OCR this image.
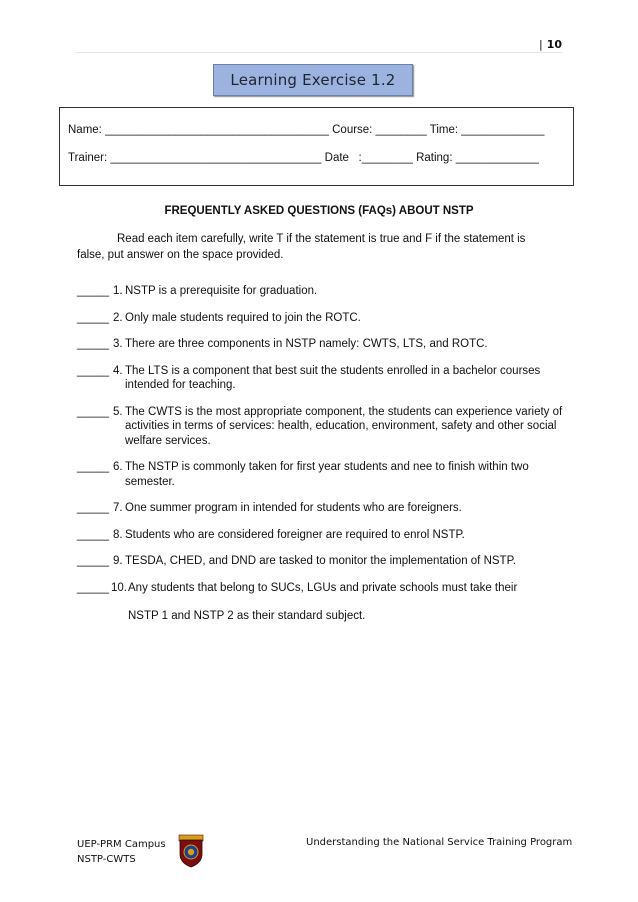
| 10
Learning Exercise 1.2
Name: ___________________________________ Course: ________ Time: _____________
Trainer: _________________________________ Date   :________ Rating: _____________
FREQUENTLY ASKED QUESTIONS (FAQs) ABOUT NSTP
Read each item carefully, write T if the statement is true and F if the statement is false, put answer on the space provided.
_____ 1. NSTP is a prerequisite for graduation.
_____ 2. Only male students required to join the ROTC.
_____ 3. There are three components in NSTP namely: CWTS, LTS, and ROTC.
_____ 4. The LTS is a component that best suit the students enrolled in a bachelor courses intended for teaching.
_____ 5. The CWTS is the most appropriate component, the students can experience variety of activities in terms of services: health, education, environment, safety and other social welfare services.
_____ 6. The NSTP is commonly taken for first year students and nee to finish within two semester.
_____ 7. One summer program in intended for students who are foreigners.
_____ 8. Students who are considered foreigner are required to enrol NSTP.
_____ 9. TESDA, CHED, and DND are tasked to monitor the implementation of NSTP.
_____ 10. Any students that belong to SUCs, LGUs and private schools must take their
NSTP 1 and NSTP 2 as their standard subject.
UEP-PRM Campus
NSTP-CWTS
Understanding the National Service Training Program
